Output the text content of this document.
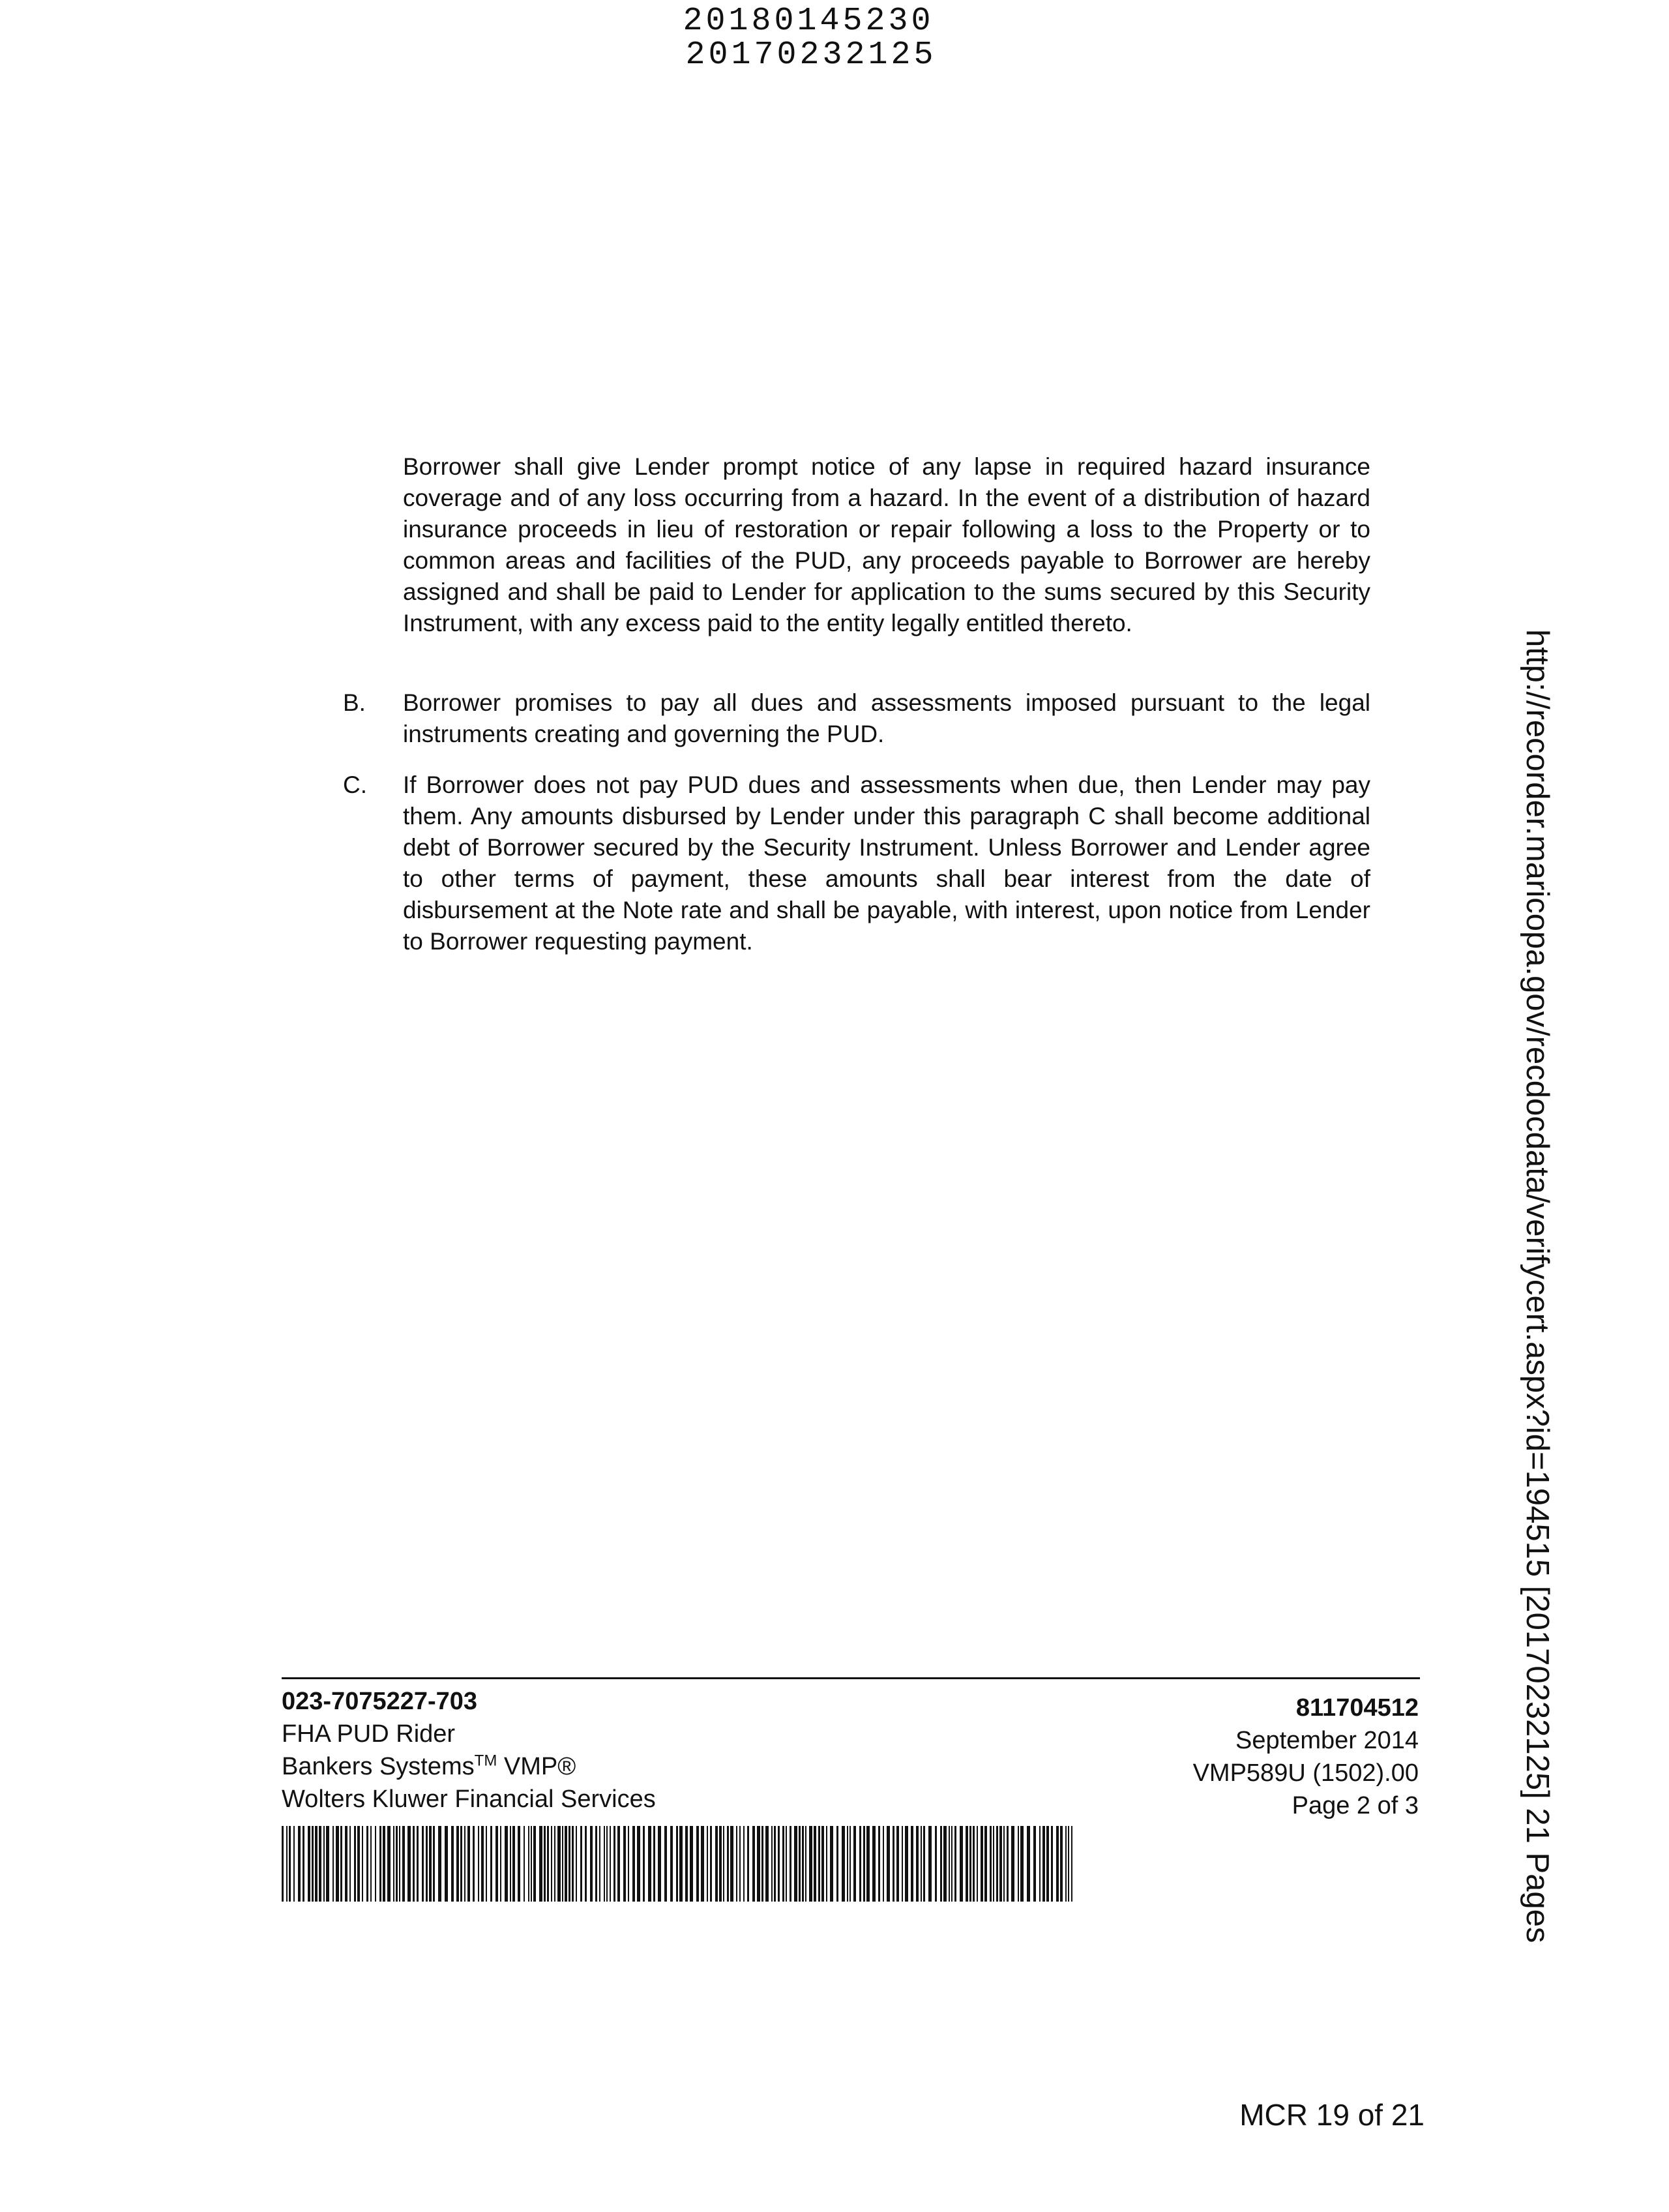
20180145230
20170232125

Borrower shall give Lender prompt notice of any lapse in required hazard insurance coverage and of any loss occurring from a hazard. In the event of a distribution of hazard insurance proceeds in lieu of restoration or repair following a loss to the Property or to common areas and facilities of the PUD, any proceeds payable to Borrower are hereby assigned and shall be paid to Lender for application to the sums secured by this Security Instrument, with any excess paid to the entity legally entitled thereto.

B. Borrower promises to pay all dues and assessments imposed pursuant to the legal instruments creating and governing the PUD.

C. If Borrower does not pay PUD dues and assessments when due, then Lender may pay them. Any amounts disbursed by Lender under this paragraph C shall become additional debt of Borrower secured by the Security Instrument. Unless Borrower and Lender agree to other terms of payment, these amounts shall bear interest from the date of disbursement at the Note rate and shall be payable, with interest, upon notice from Lender to Borrower requesting payment.

023-7075227-703
FHA PUD Rider
Bankers Systems™ VMP®
Wolters Kluwer Financial Services
811704512
September 2014
VMP589U (1502).00
Page 2 of 3	http://recorder.maricopa.gov/recdocdata/verifycert.aspx?id=194515 [20170232125] 21 Pages
MCR 19 of 21
